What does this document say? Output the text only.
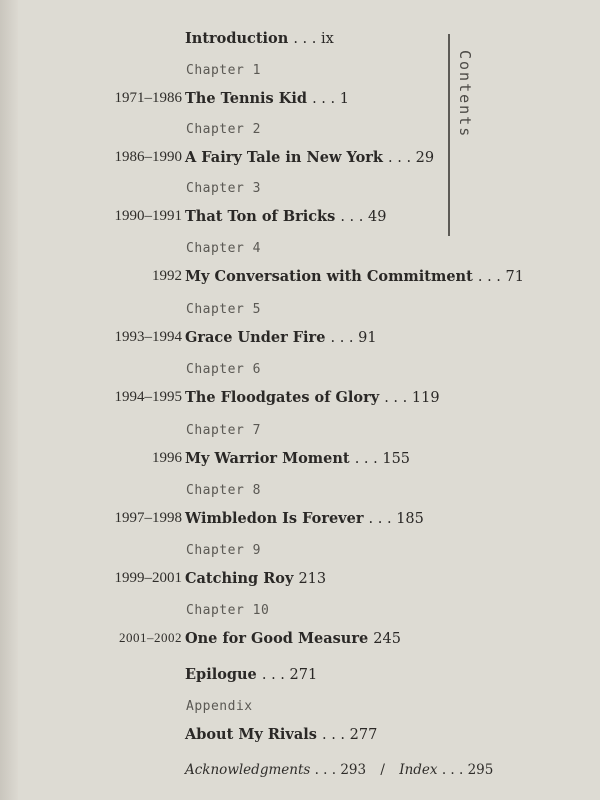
Contents
Introduction . . . ix
Chapter 1
1971–1986 The Tennis Kid . . . 1
Chapter 2
1986–1990 A Fairy Tale in New York . . . 29
Chapter 3
1990–1991 That Ton of Bricks . . . 49
Chapter 4
1992 My Conversation with Commitment . . . 71
Chapter 5
1993–1994 Grace Under Fire . . . 91
Chapter 6
1994–1995 The Floodgates of Glory . . . 119
Chapter 7
1996 My Warrior Moment . . . 155
Chapter 8
1997–1998 Wimbledon Is Forever . . . 185
Chapter 9
1999–2001 Catching Roy 213
Chapter 10
2001–2002 One for Good Measure 245
Epilogue . . . 271
Appendix
About My Rivals . . . 277
Acknowledgments . . . 293 / Index . . . 295
